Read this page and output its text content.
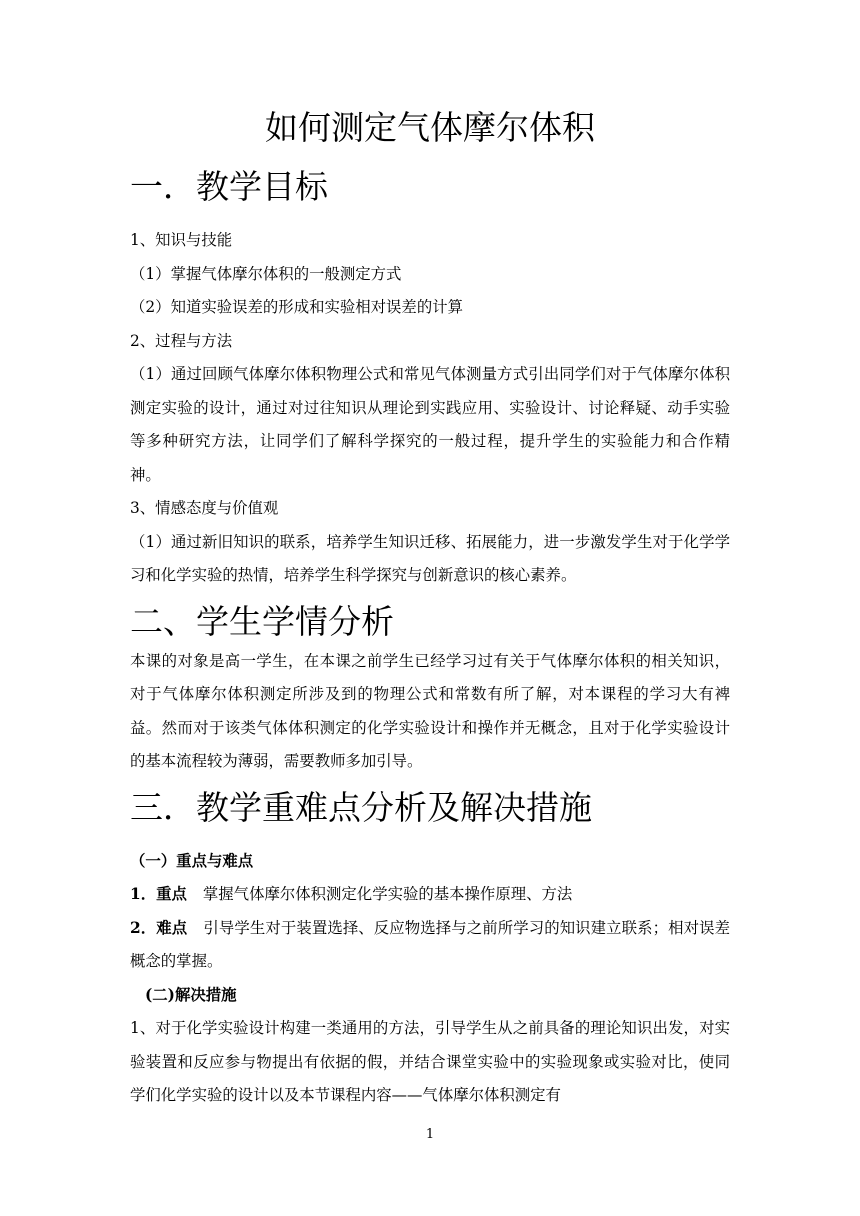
如何测定气体摩尔体积
一．教学目标

1、知识与技能

（1）掌握气体摩尔体积的一般测定方式

（2）知道实验误差的形成和实验相对误差的计算

2、过程与方法

（1）通过回顾气体摩尔体积物理公式和常见气体测量方式引出同学们对于气体摩尔体积测定实验的设计，通过对过往知识从理论到实践应用、实验设计、讨论释疑、动手实验等多种研究方法，让同学们了解科学探究的一般过程，提升学生的实验能力和合作精神。

3、情感态度与价值观

（1）通过新旧知识的联系，培养学生知识迁移、拓展能力，进一步激发学生对于化学学习和化学实验的热情，培养学生科学探究与创新意识的核心素养。

二、学生学情分析

本课的对象是高一学生，在本课之前学生已经学习过有关于气体摩尔体积的相关知识，对于气体摩尔体积测定所涉及到的物理公式和常数有所了解，对本课程的学习大有裨益。然而对于该类气体体积测定的化学实验设计和操作并无概念，且对于化学实验设计的基本流程较为薄弱，需要教师多加引导。

三．教学重难点分析及解决措施

（一）重点与难点

1．重点 掌握气体摩尔体积测定化学实验的基本操作原理、方法

2．难点 引导学生对于装置选择、反应物选择与之前所学习的知识建立联系；相对误差概念的掌握。

(二)解决措施

1、对于化学实验设计构建一类通用的方法，引导学生从之前具备的理论知识出发，对实验装置和反应参与物提出有依据的假，并结合课堂实验中的实验现象或实验对比，使同学们化学实验的设计以及本节课程内容——气体摩尔体积测定有

1
